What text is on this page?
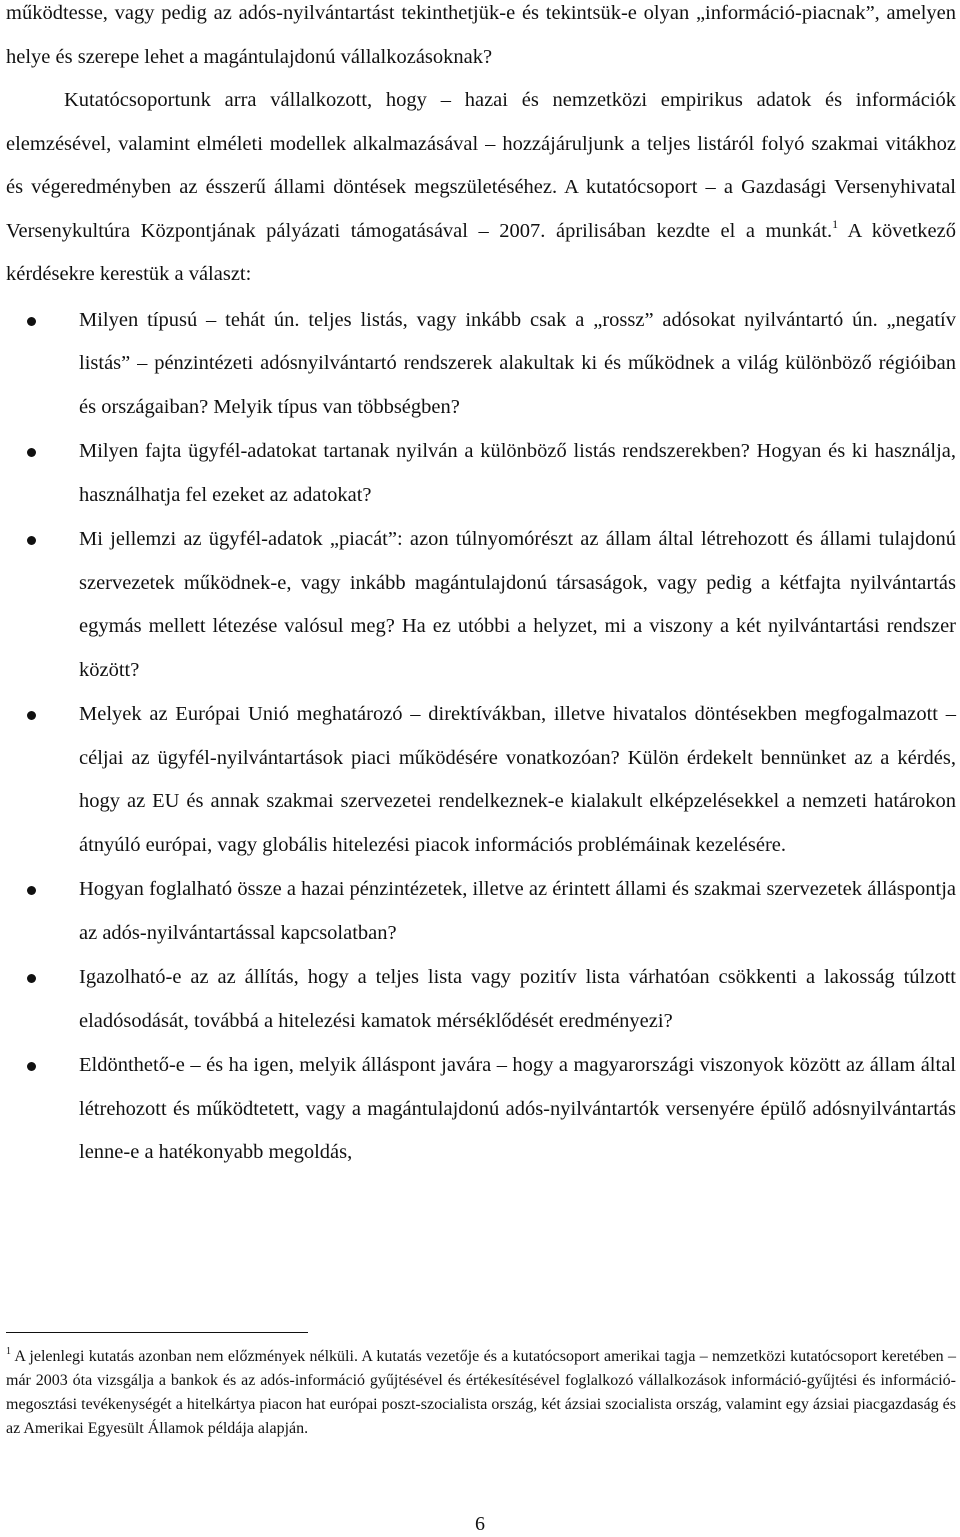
működtesse, vagy pedig az adós-nyilvántartást tekinthetjük-e és tekintsük-e olyan „információ-piacnak”, amelyen helye és szerepe lehet a magántulajdonú vállalkozásoknak?

Kutatócsoportunk arra vállalkozott, hogy – hazai és nemzetközi empirikus adatok és információk elemzésével, valamint elméleti modellek alkalmazásával – hozzájáruljunk a teljes listáról folyó szakmai vitákhoz és végeredményben az ésszerű állami döntések megszületéséhez. A kutatócsoport – a Gazdasági Versenyhivatal Versenykultúra Központjának pályázati támogatásával – 2007. áprilisában kezdte el a munkát.$^1$ A következő kérdésekre kerestük a választ:

Milyen típusú – tehát ún. teljes listás, vagy inkább csak a „rossz” adósokat nyilvántartó ún. „negatív listás” – pénzintézeti adósnyilvántartó rendszerek alakultak ki és működnek a világ különböző régióiban és országaiban? Melyik típus van többségben?
Milyen fajta ügyfél-adatokat tartanak nyilván a különböző listás rendszerekben? Hogyan és ki használja, használhatja fel ezeket az adatokat?
Mi jellemzi az ügyfél-adatok „piacát”: azon túlnyomórészt az állam által létrehozott és állami tulajdonú szervezetek működnek-e, vagy inkább magántulajdonú társaságok, vagy pedig a kétfajta nyilvántartás egymás mellett létezése valósul meg? Ha ez utóbbi a helyzet, mi a viszony a két nyilvántartási rendszer között?
Melyek az Európai Unió meghatározó – direktívákban, illetve hivatalos döntésekben megfogalmazott – céljai az ügyfél-nyilvántartások piaci működésére vonatkozóan? Külön érdekelt bennünket az a kérdés, hogy az EU és annak szakmai szervezetei rendelkeznek-e kialakult elképzelésekkel a nemzeti határokon átnyúló európai, vagy globális hitelezési piacok információs problémáinak kezelésére.
Hogyan foglalható össze a hazai pénzintézetek, illetve az érintett állami és szakmai szervezetek álláspontja az adós-nyilvántartással kapcsolatban?
Igazolható-e az az állítás, hogy a teljes lista vagy pozitív lista várhatóan csökkenti a lakosság túlzott eladósodását, továbbá a hitelezési kamatok mérséklődését eredményezi?
Eldönthető-e – és ha igen, melyik álláspont javára – hogy a magyarországi viszonyok között az állam által létrehozott és működtetett, vagy a magántulajdonú adós-nyilvántartók versenyére épülő adósnyilvántartás lenne-e a hatékonyabb megoldás,

$^1$ A jelenlegi kutatás azonban nem előzmények nélküli. A kutatás vezetője és a kutatócsoport amerikai tagja – nemzetközi kutatócsoport keretében – már 2003 óta vizsgálja a bankok és az adós-információ gyűjtésével és értékesítésével foglalkozó vállalkozások információ-gyűjtési és információ-megosztási tevékenységét a hitelkártya piacon hat európai poszt-szocialista ország, két ázsiai szocialista ország, valamint egy ázsiai piacgazdaság és az Amerikai Egyesült Államok példája alapján.

6
